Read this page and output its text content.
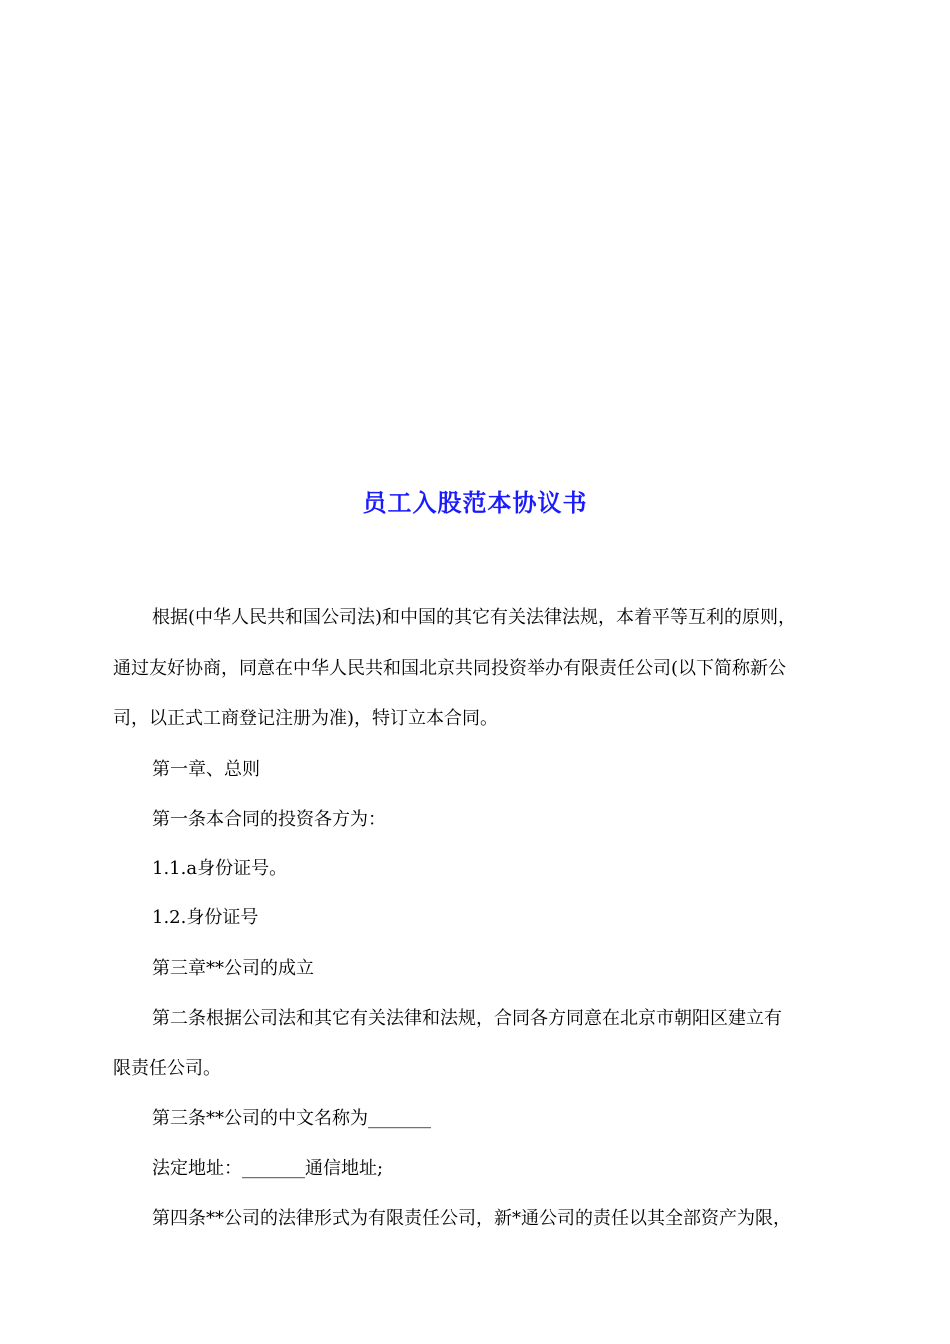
员工入股范本协议书
根据(中华人民共和国公司法)和中国的其它有关法律法规，本着平等互利的原则，
通过友好协商，同意在中华人民共和国北京共同投资举办有限责任公司(以下简称新公
司，以正式工商登记注册为准)，特订立本合同。
第一章、总则
第一条本合同的投资各方为：
1.1.a身份证号。
1.2.身份证号
第三章**公司的成立
第二条根据公司法和其它有关法律和法规，合同各方同意在北京市朝阳区建立有
限责任公司。
第三条**公司的中文名称为_______
法定地址：_______通信地址;
第四条**公司的法律形式为有限责任公司，新*通公司的责任以其全部资产为限，
